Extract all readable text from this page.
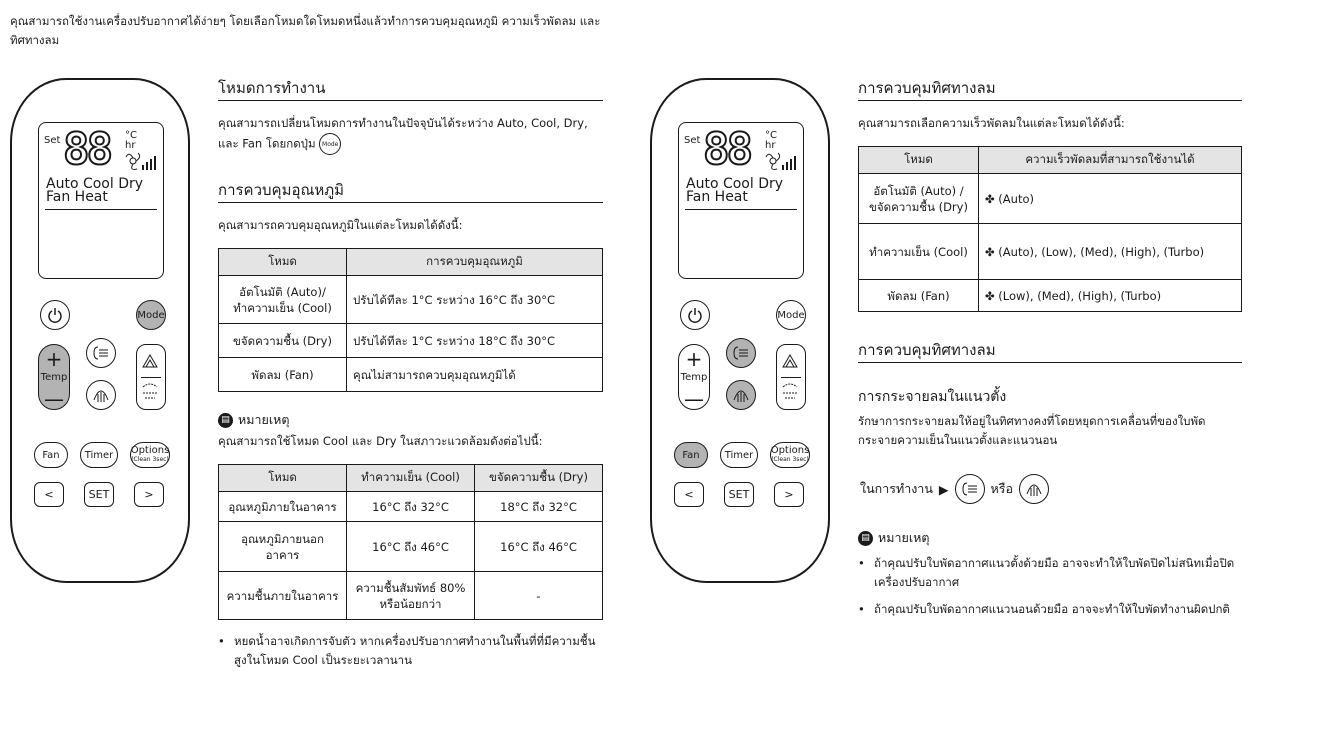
คุณสามารถใช้งานเครื่องปรับอากาศได้ง่ายๆ โดยเลือกโหมดใดโหมดหนึ่งแล้วทำการควบคุมอุณหภูมิ ความเร็วพัดลม และทิศทางลม
Set 88 °C
hr
Auto Cool Dry
Fan Heat
Mode
+
Temp
—
Fan	Timer	Options
(Clean 3sec)
<	SET	>
โหมดการทำงาน
คุณสามารถเปลี่ยนโหมดการทำงานในปัจจุบันได้ระหว่าง Auto, Cool, Dry, และ Fan โดยกดปุ่ม Mode
การควบคุมอุณหภูมิ
คุณสามารถควบคุมอุณหภูมิในแต่ละโหมดได้ดังนี้:
โหมด	การควบคุมอุณหภูมิ
อัตโนมัติ (Auto)/ ทำความเย็น (Cool)	ปรับได้ทีละ 1°C ระหว่าง 16°C ถึง 30°C
ขจัดความชื้น (Dry)	ปรับได้ทีละ 1°C ระหว่าง 18°C ถึง 30°C
พัดลม (Fan)	คุณไม่สามารถควบคุมอุณหภูมิได้
▤ หมายเหตุ
คุณสามารถใช้โหมด Cool และ Dry ในสภาวะแวดล้อมดังต่อไปนี้:
โหมด	ทำความเย็น (Cool)	ขจัดความชื้น (Dry)
อุณหภูมิภายในอาคาร	16°C ถึง 32°C	18°C ถึง 32°C
อุณหภูมิภายนอก อาคาร	16°C ถึง 46°C	16°C ถึง 46°C
ความชื้นภายในอาคาร	ความชื้นสัมพัทธ์ 80% หรือน้อยกว่า	-
• หยดน้ำอาจเกิดการจับตัว หากเครื่องปรับอากาศทำงานในพื้นที่ที่มีความชื้นสูงในโหมด Cool เป็นระยะเวลานาน
Set 88 °C
hr
Auto Cool Dry
Fan Heat
Mode
+
Temp
—
Fan	Timer	Options
(Clean 3sec)
<	SET	>
การควบคุมทิศทางลม
คุณสามารถเลือกความเร็วพัดลมในแต่ละโหมดได้ดังนี้:
โหมด	ความเร็วพัดลมที่สามารถใช้งานได้
อัตโนมัติ (Auto) / ขจัดความชื้น (Dry)	✤ (Auto)
ทำความเย็น (Cool)	✤ (Auto), (Low), (Med), (High), (Turbo)
พัดลม (Fan)	✤ (Low), (Med), (High), (Turbo)
การควบคุมทิศทางลม
การกระจายลมในแนวตั้ง
รักษาการกระจายลมให้อยู่ในทิศทางคงที่โดยหยุดการเคลื่อนที่ของใบพัดกระจายความเย็นในแนวตั้งและแนวนอน
ในการทำงาน ▶	หรือ
▤ หมายเหตุ
• ถ้าคุณปรับใบพัดอากาศแนวตั้งด้วยมือ อาจจะทำให้ใบพัดปิดไม่สนิทเมื่อปิดเครื่องปรับอากาศ
• ถ้าคุณปรับใบพัดอากาศแนวนอนด้วยมือ อาจจะทำให้ใบพัดทำงานผิดปกติ
